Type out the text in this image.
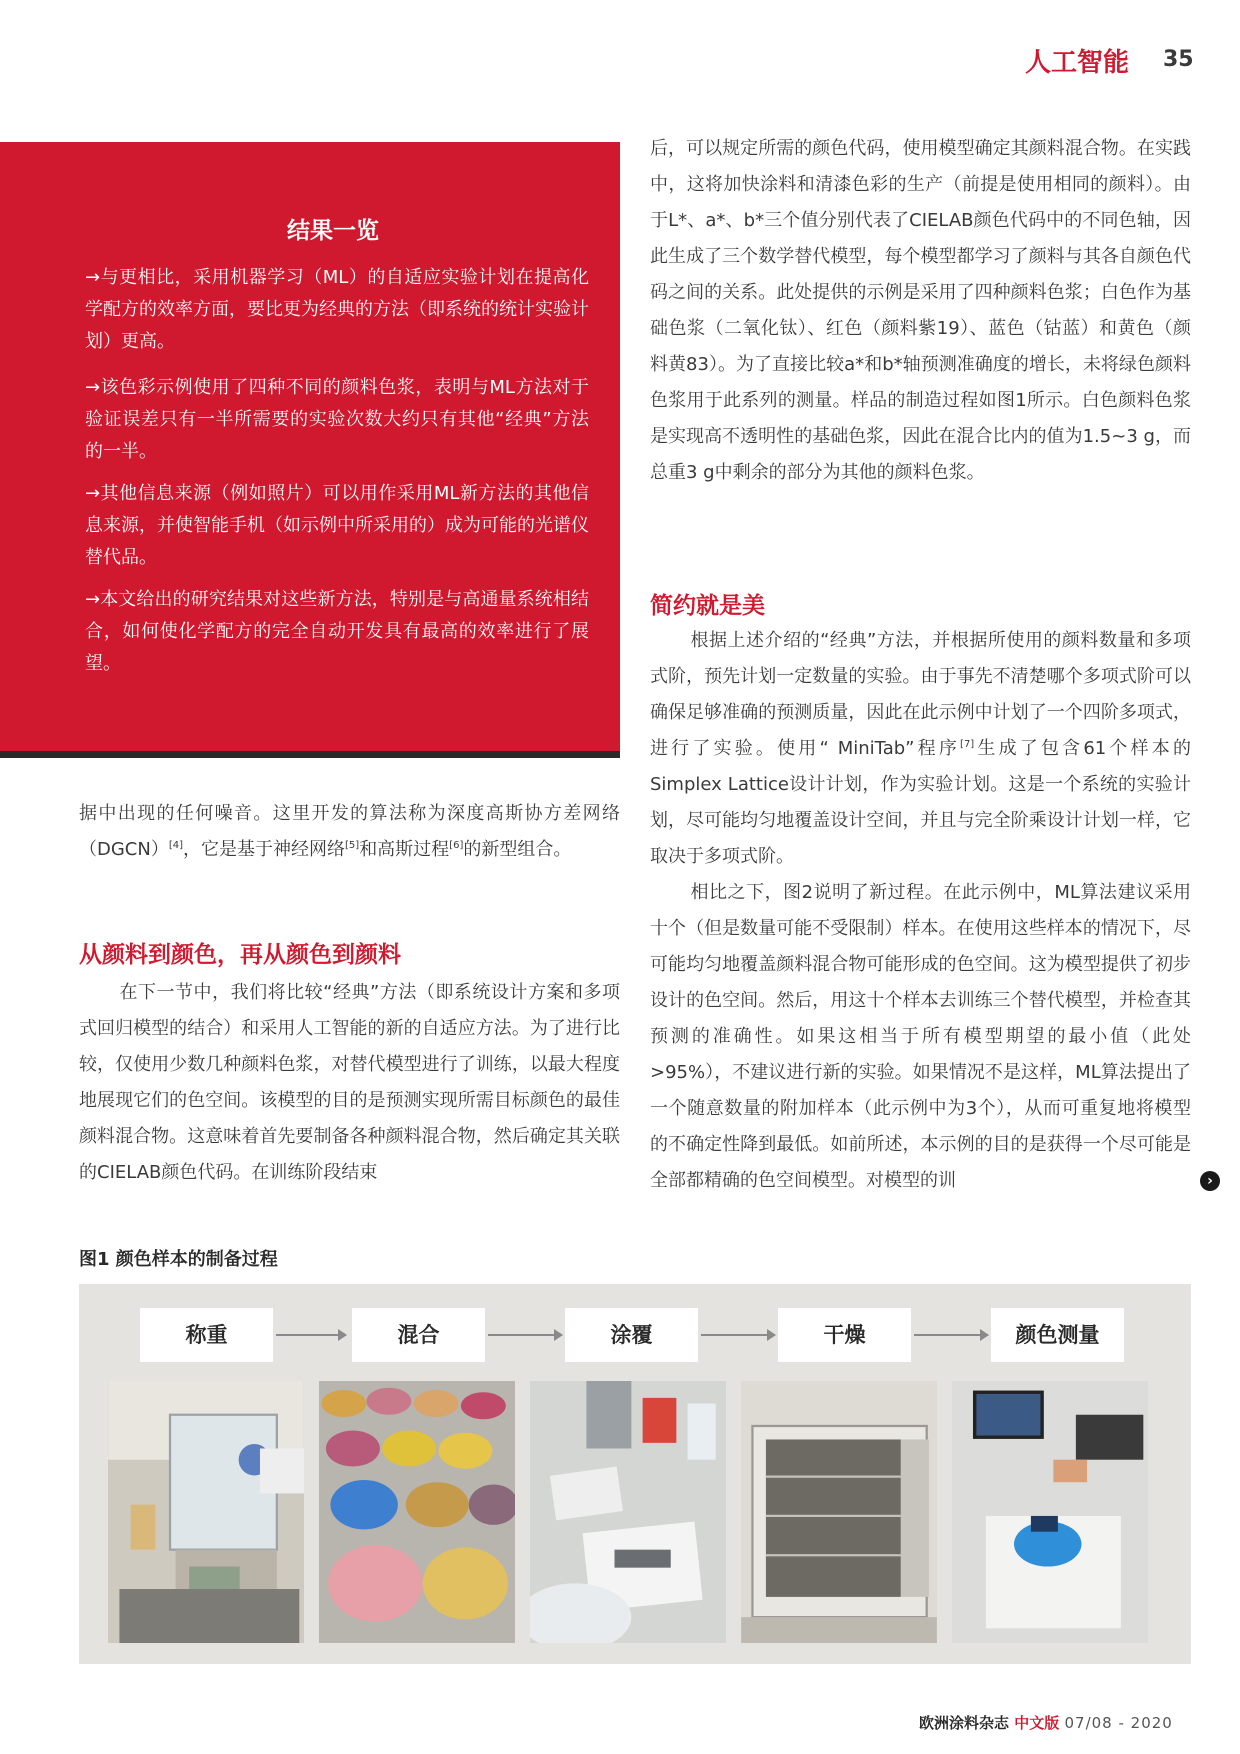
人工智能 35
结果一览
→与更相比，采用机器学习（ML）的自适应实验计划在提高化学配方的效率方面，要比更为经典的方法（即系统的统计实验计划）更高。
→该色彩示例使用了四种不同的颜料色浆，表明与ML方法对于验证误差只有一半所需要的实验次数大约只有其他“经典”方法的一半。
→其他信息来源（例如照片）可以用作采用ML新方法的其他信息来源，并使智能手机（如示例中所采用的）成为可能的光谱仪替代品。
→本文给出的研究结果对这些新方法，特别是与高通量系统相结合，如何使化学配方的完全自动开发具有最高的效率进行了展望。
据中出现的任何噪音。这里开发的算法称为深度高斯协方差网络（DGCN）[4]，它是基于神经网络[5]和高斯过程[6]的新型组合。
从颜料到颜色，再从颜色到颜料
在下一节中，我们将比较“经典”方法（即系统设计方案和多项式回归模型的结合）和采用人工智能的新的自适应方法。为了进行比较，仅使用少数几种颜料色浆，对替代模型进行了训练，以最大程度地展现它们的色空间。该模型的目的是预测实现所需目标颜色的最佳颜料混合物。这意味着首先要制备各种颜料混合物，然后确定其关联的CIELAB颜色代码。在训练阶段结束
后，可以规定所需的颜色代码，使用模型确定其颜料混合物。在实践中，这将加快涂料和清漆色彩的生产（前提是使用相同的颜料）。由于L*、a*、b*三个值分别代表了CIELAB颜色代码中的不同色轴，因此生成了三个数学替代模型，每个模型都学习了颜料与其各自颜色代码之间的关系。此处提供的示例是采用了四种颜料色浆；白色作为基础色浆（二氧化钛）、红色（颜料紫19）、蓝色（钴蓝）和黄色（颜料黄83）。为了直接比较a*和b*轴预测准确度的增长，未将绿色颜料色浆用于此系列的测量。样品的制造过程如图1所示。白色颜料色浆是实现高不透明性的基础色浆，因此在混合比内的值为1.5~3 g，而总重3 g中剩余的部分为其他的颜料色浆。
简约就是美
根据上述介绍的“经典”方法，并根据所使用的颜料数量和多项式阶，预先计划一定数量的实验。由于事先不清楚哪个多项式阶可以确保足够准确的预测质量，因此在此示例中计划了一个四阶多项式，进行了实验。使用“ MiniTab”程序[7]生成了包含61个样本的Simplex Lattice设计计划，作为实验计划。这是一个系统的实验计划，尽可能均匀地覆盖设计空间，并且与完全阶乘设计计划一样，它取决于多项式阶。
相比之下，图2说明了新过程。在此示例中，ML算法建议采用十个（但是数量可能不受限制）样本。在使用这些样本的情况下，尽可能均匀地覆盖颜料混合物可能形成的色空间。这为模型提供了初步设计的色空间。然后，用这十个样本去训练三个替代模型，并检查其预测的准确性。如果这相当于所有模型期望的最小值（此处>95%），不建议进行新的实验。如果情况不是这样，ML算法提出了一个随意数量的附加样本（此示例中为3个），从而可重复地将模型的不确定性降到最低。如前所述，本示例的目的是获得一个尽可能是全部都精确的色空间模型。对模型的训	›
图1 颜色样本的制备过程
称重	混合	涂覆	干燥	颜色测量
欧洲涂料杂志 中文版 07/08 - 2020
